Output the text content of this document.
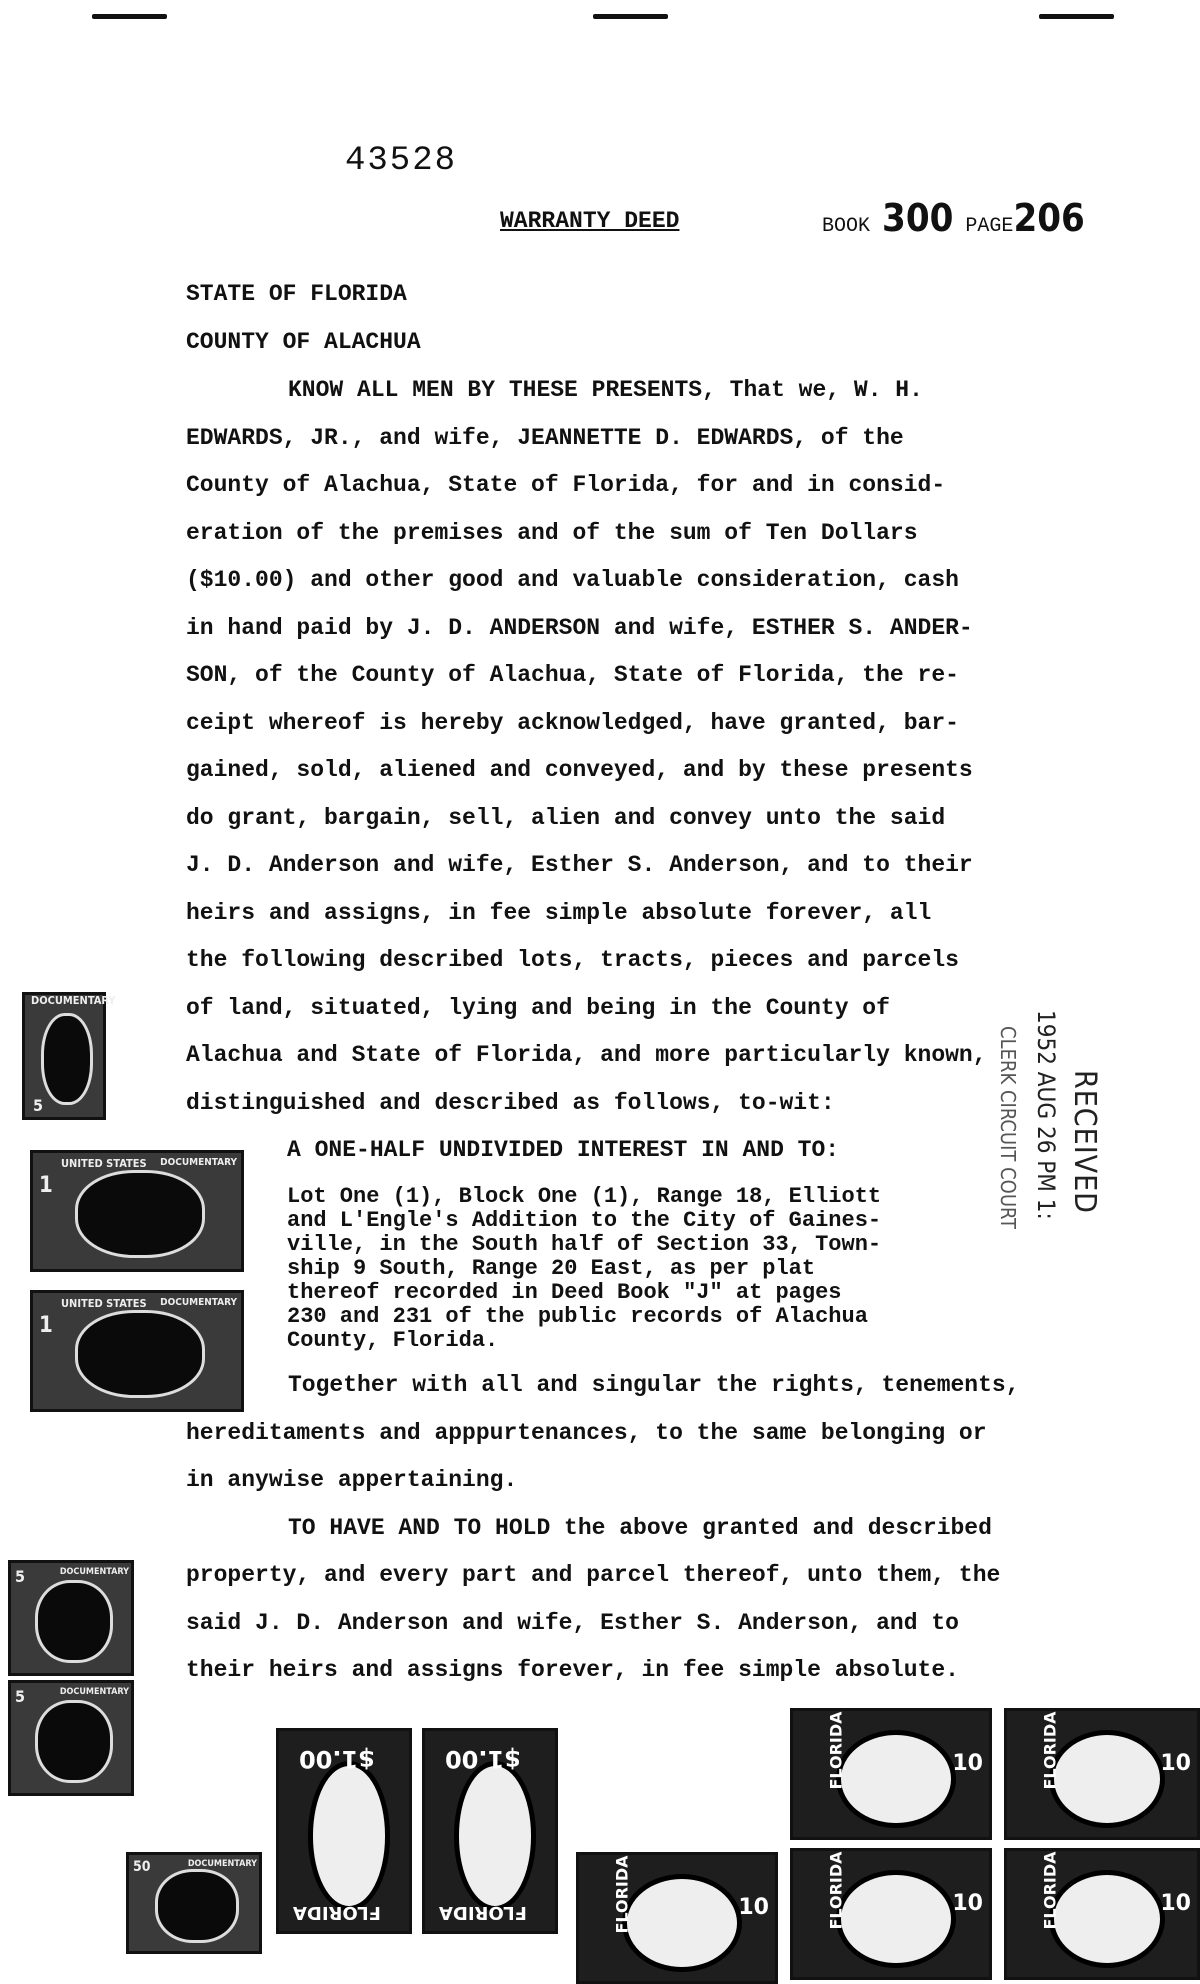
43528
WARRANTY DEED	BOOK 300 PAGE206
STATE OF FLORIDA
COUNTY OF ALACHUA
KNOW ALL MEN BY THESE PRESENTS, That we, W. H.
EDWARDS, JR., and wife, JEANNETTE D. EDWARDS, of the
County of Alachua, State of Florida, for and in consid-
eration of the premises and of the sum of Ten Dollars
($10.00) and other good and valuable consideration, cash
in hand paid by J. D. ANDERSON and wife, ESTHER S. ANDER-
SON, of the County of Alachua, State of Florida, the re-
ceipt whereof is hereby acknowledged, have granted, bar-
gained, sold, aliened and conveyed, and by these presents
do grant, bargain, sell, alien and convey unto the said
J. D. Anderson and wife, Esther S. Anderson, and to their
heirs and assigns, in fee simple absolute forever, all
the following described lots, tracts, pieces and parcels
of land, situated, lying and being in the County of
Alachua and State of Florida, and more particularly known,
distinguished and described as follows, to-wit:
A ONE-HALF UNDIVIDED INTEREST IN AND TO:
Lot One (1), Block One (1), Range 18, Elliott
and L'Engle's Addition to the City of Gaines-
ville, in the South half of Section 33, Town-
ship 9 South, Range 20 East, as per plat
thereof recorded in Deed Book "J" at pages
230 and 231 of the public records of Alachua
County, Florida.
Together with all and singular the rights, tenements,
hereditaments and apppurtenances, to the same belonging or
in anywise appertaining.
TO HAVE AND TO HOLD the above granted and described
property, and every part and parcel thereof, unto them, the
said J. D. Anderson and wife, Esther S. Anderson, and to
their heirs and assigns forever, in fee simple absolute.
RECEIVED
1952 AUG 26 PM 1:
CLERK CIRCUIT COURT
DOCUMENTARY
5
1
UNITED STATES DOCUMENTARY
1
UNITED STATES DOCUMENTARY
5	DOCUMENTARY
5	DOCUMENTARY
50	DOCUMENTARY
$1.00
FLORIDA
$1.00
FLORIDA	FLORIDA	10
FLORIDA	10
FLORIDA	10
FLORIDA	10
FLORIDA	10
